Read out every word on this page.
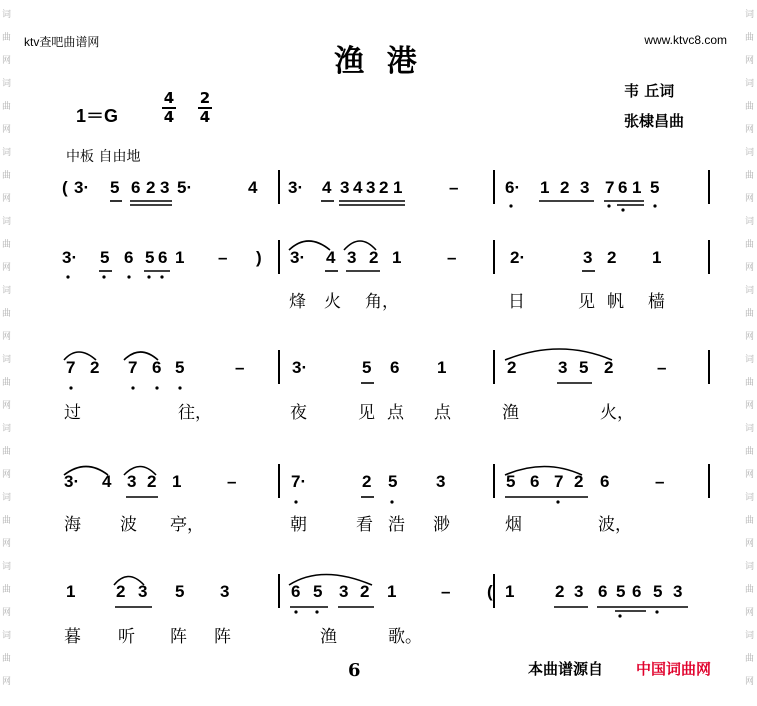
词
曲
网
词
曲
网
词
曲
网
词
曲
网
词
曲
网
词
曲
网
词
曲
网
词
曲
网
词
曲
网
词
曲
网
词
曲
网
词
曲
网
词
曲
网
词
曲
网
词
曲
网
词
曲
网
词
曲
网
词
曲
网
词
曲
网
词
曲
网
ktv查吧曲谱网	www.ktvc8.com
渔 港
韦 丘词
张棣昌曲
1＝G
4
4
2
4
中板 自由地
( 3· 5 6 2 3 5·	4 3· 4 3 4 3 2 1	–	6· 1 2 3 7 6 1 5
3· 5 6 5 6 1 – ) 3· 4 3 2 1	–	2·	3 2 1
烽 火 角，	日	见 帆 樯
7 2 7 6 5	–	3·	5 6 1	2 3 5 2	–
过	往，	夜	见 点 点	渔	火，
3· 4 3 2 1	–	7·	2 5 3	5 6 7 2 6	–
海 波 亭，	朝	看 浩 渺	烟	波，
1 2 3 5 3	6 5 3 2 1	– ( 1 2 3 6 5 6 5 3
暮 听 阵 阵	渔	歌。
6	本曲谱源自 中国词曲网
